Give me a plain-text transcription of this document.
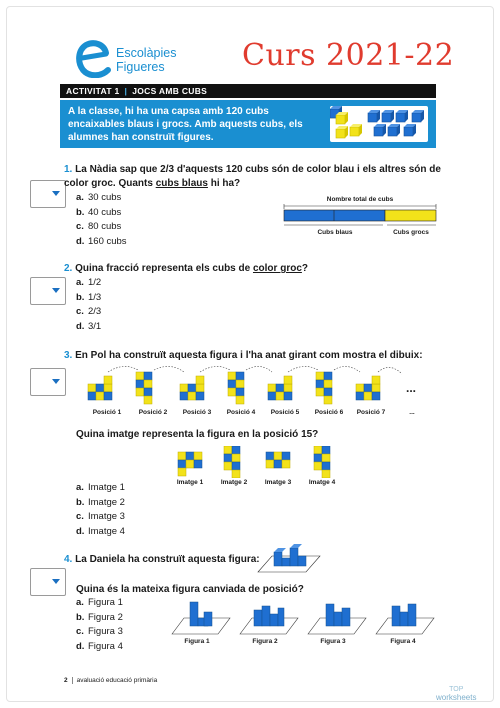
Escolàpies
Figueres	Curs 2021-22
ACTIVITAT 1 | JOCS AMB CUBS
A la classe, hi ha una capsa amb 120 cubs encaixables blaus i grocs. Amb aquests cubs, els alumnes han construït figures.
1. La Nàdia sap que 2/3 d'aquests 120 cubs són de color blau i els altres són de color groc. Quants cubs blaus hi ha?
a. 30 cubs
b. 40 cubs
c. 80 cubs
d. 160 cubs
Nombre total de cubs
Cubs blaus	Cubs grocs
2. Quina fracció representa els cubs de color groc?
a. 1/2
b. 1/3
c. 2/3
d. 3/1
3. En Pol ha construït aquesta figura i l'ha anat girant com mostra el dibuix:
...
Posició 1	Posició 2	Posició 3	Posició 4	Posició 5	Posició 6	Posició 7	...
Quina imatge representa la figura en la posició 15?
Imatge 1	Imatge 2	Imatge 3	Imatge 4
a. Imatge 1
b. Imatge 2
c. Imatge 3
d. Imatge 4
4. La Daniela ha construït aquesta figura:
Quina és la mateixa figura canviada de posició?
Figura 1	Figura 2	Figura 3	Figura 4
a. Figura 1
b. Figura 2
c. Figura 3
d. Figura 4
2 avaluació educació primària
TOP
worksheets
